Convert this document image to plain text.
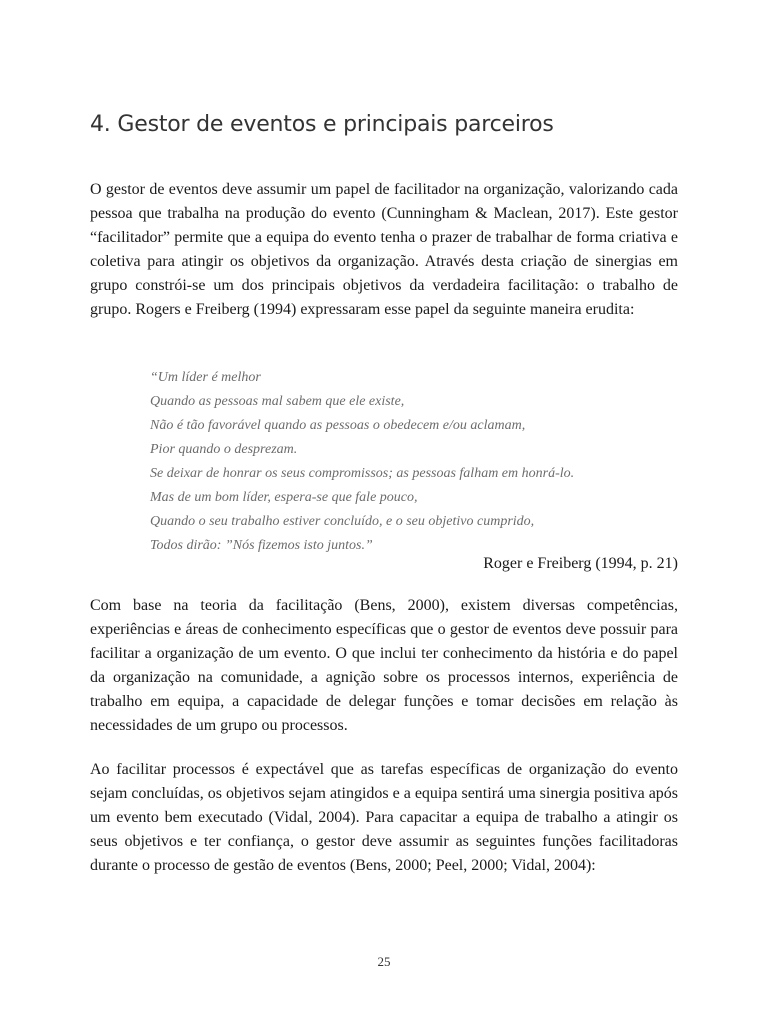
4. Gestor de eventos e principais parceiros

O gestor de eventos deve assumir um papel de facilitador na organização, valorizando cada pessoa que trabalha na produção do evento (Cunningham & Maclean, 2017). Este gestor “facilitador” permite que a equipa do evento tenha o prazer de trabalhar de forma criativa e coletiva para atingir os objetivos da organização. Através desta criação de sinergias em grupo constrói-se um dos principais objetivos da verdadeira facilitação: o trabalho de grupo. Rogers e Freiberg (1994) expressaram esse papel da seguinte maneira erudita:

“Um líder é melhor
Quando as pessoas mal sabem que ele existe,
Não é tão favorável quando as pessoas o obedecem e/ou aclamam,
Pior quando o desprezam.
Se deixar de honrar os seus compromissos; as pessoas falham em honrá-lo.
Mas de um bom líder, espera-se que fale pouco,
Quando o seu trabalho estiver concluído, e o seu objetivo cumprido,
Todos dirão: ”Nós fizemos isto juntos.”
Roger e Freiberg (1994, p. 21)

Com base na teoria da facilitação (Bens, 2000), existem diversas competências, experiências e áreas de conhecimento específicas que o gestor de eventos deve possuir para facilitar a organização de um evento. O que inclui ter conhecimento da história e do papel da organização na comunidade, a agnição sobre os processos internos, experiência de trabalho em equipa, a capacidade de delegar funções e tomar decisões em relação às necessidades de um grupo ou processos.

Ao facilitar processos é expectável que as tarefas específicas de organização do evento sejam concluídas, os objetivos sejam atingidos e a equipa sentirá uma sinergia positiva após um evento bem executado (Vidal, 2004). Para capacitar a equipa de trabalho a atingir os seus objetivos e ter confiança, o gestor deve assumir as seguintes funções facilitadoras durante o processo de gestão de eventos (Bens, 2000; Peel, 2000; Vidal, 2004):

25
